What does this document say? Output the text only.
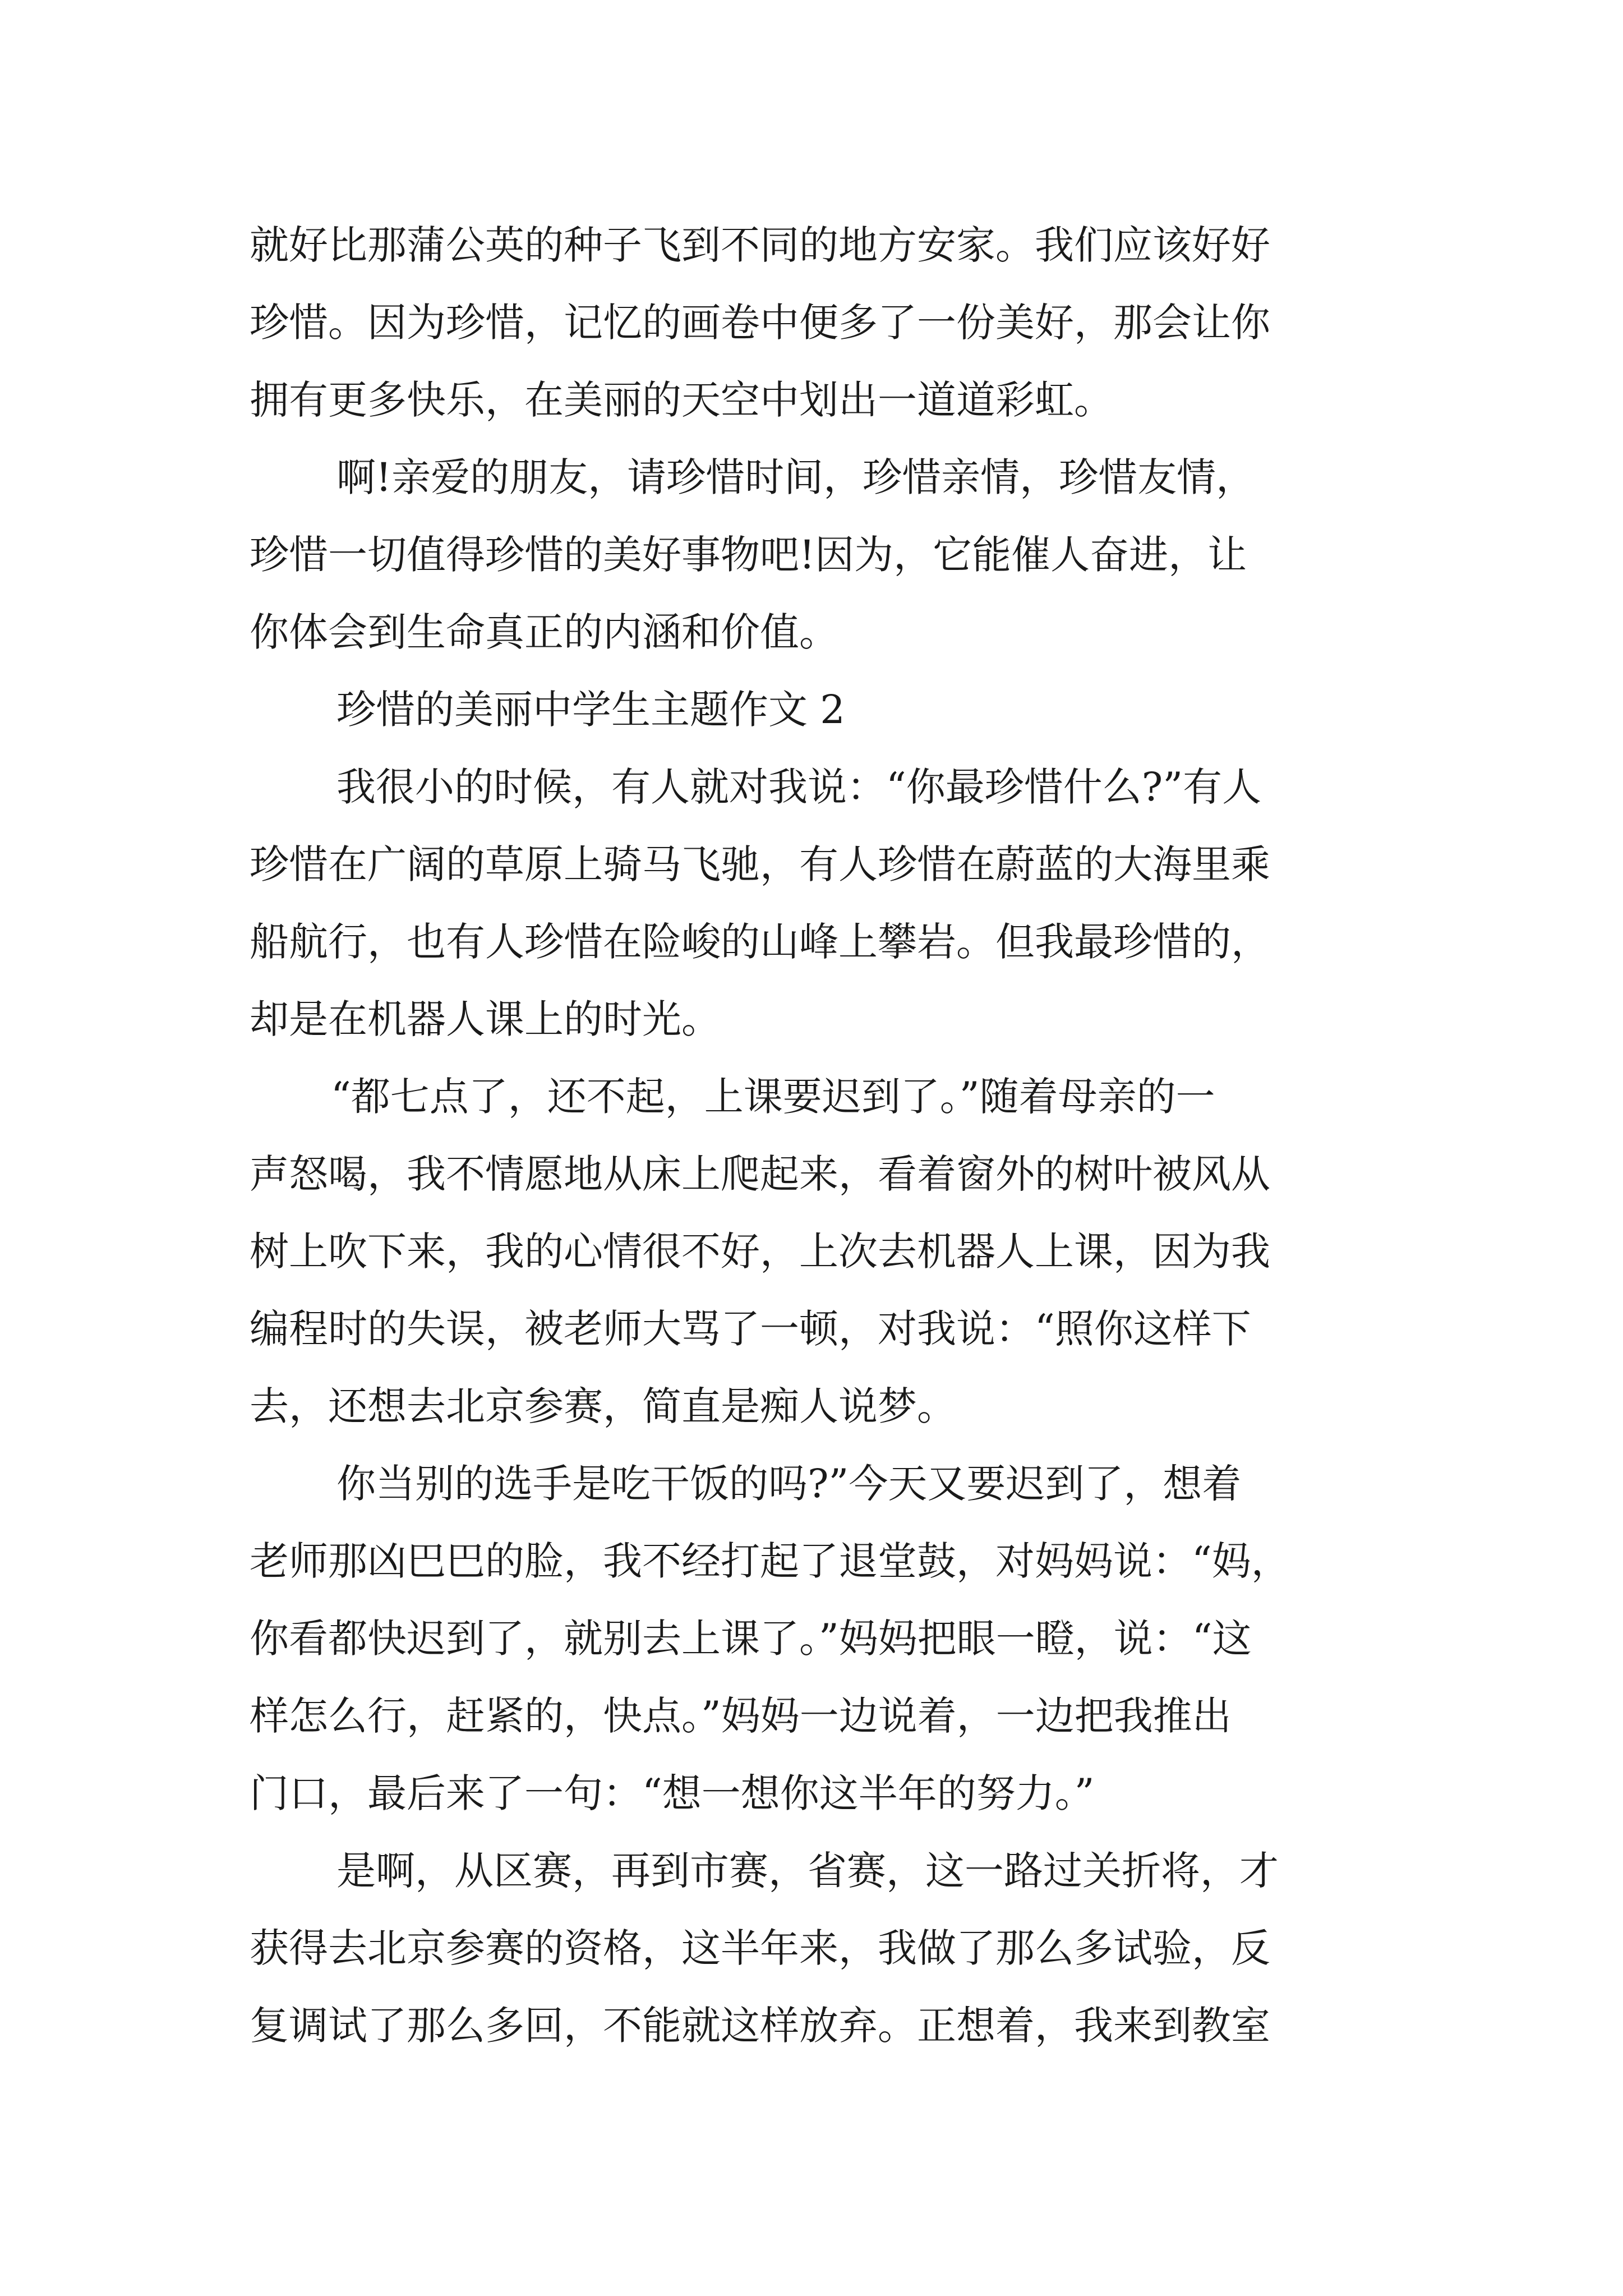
就好比那蒲公英的种子飞到不同的地方安家。我们应该好好

珍惜。因为珍惜，记忆的画卷中便多了一份美好，那会让你

拥有更多快乐，在美丽的天空中划出一道道彩虹。

啊!亲爱的朋友，请珍惜时间，珍惜亲情，珍惜友情，

珍惜一切值得珍惜的美好事物吧!因为，它能催人奋进，让

你体会到生命真正的内涵和价值。

珍惜的美丽中学生主题作文 2

我很小的时候，有人就对我说：“你最珍惜什么?”有人

珍惜在广阔的草原上骑马飞驰，有人珍惜在蔚蓝的大海里乘

船航行，也有人珍惜在险峻的山峰上攀岩。但我最珍惜的，

却是在机器人课上的时光。

“都七点了，还不起，上课要迟到了。”随着母亲的一

声怒喝，我不情愿地从床上爬起来，看着窗外的树叶被风从

树上吹下来，我的心情很不好，上次去机器人上课，因为我

编程时的失误，被老师大骂了一顿，对我说：“照你这样下

去，还想去北京参赛，简直是痴人说梦。

你当别的选手是吃干饭的吗?”今天又要迟到了，想着

老师那凶巴巴的脸，我不经打起了退堂鼓，对妈妈说：“妈，

你看都快迟到了，就别去上课了。”妈妈把眼一瞪，说：“这

样怎么行，赶紧的，快点。”妈妈一边说着，一边把我推出

门口，最后来了一句：“想一想你这半年的努力。”

是啊，从区赛，再到市赛，省赛，这一路过关折将，才

获得去北京参赛的资格，这半年来，我做了那么多试验，反

复调试了那么多回，不能就这样放弃。正想着，我来到教室
